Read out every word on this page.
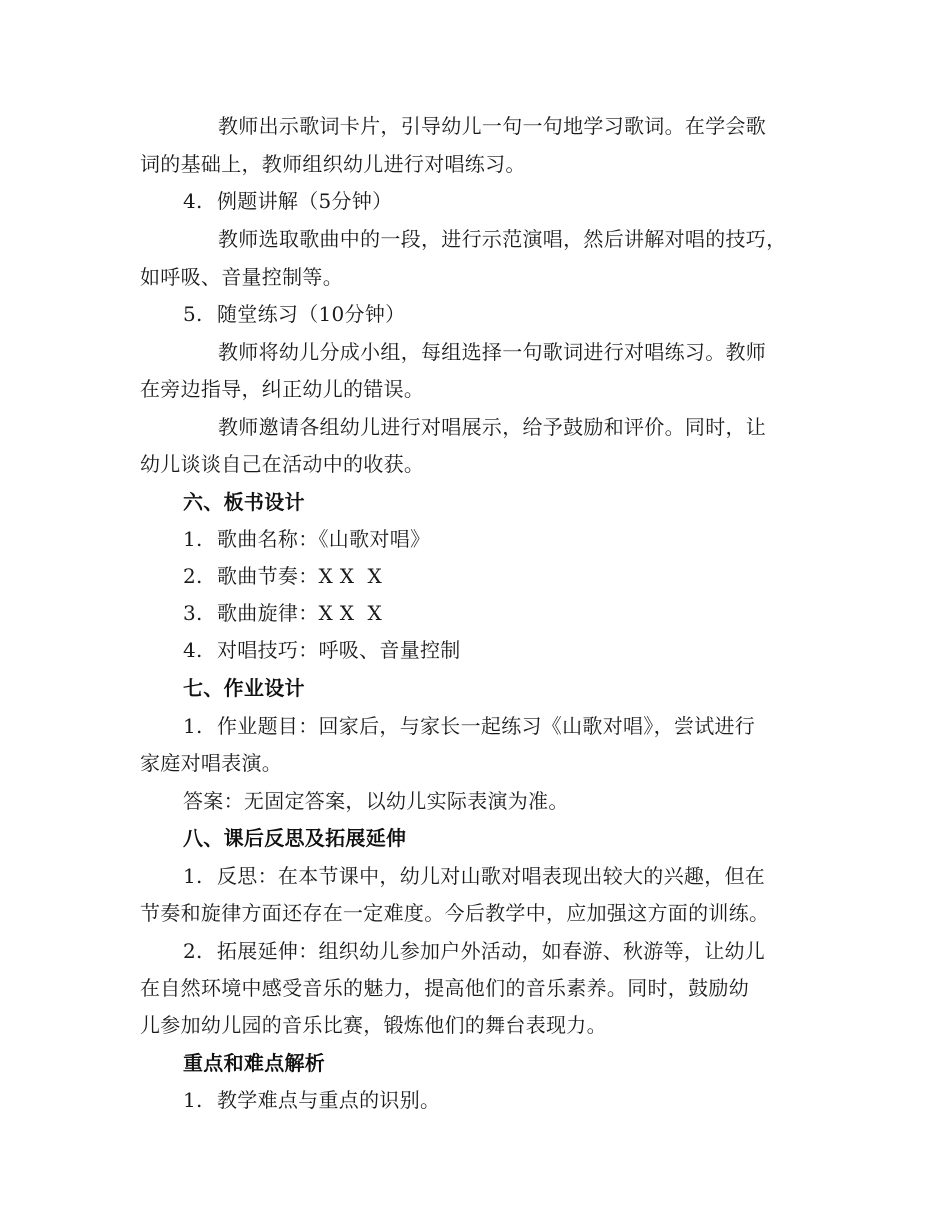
教师出示歌词卡片，引导幼儿一句一句地学习歌词。在学会歌
词的基础上，教师组织幼儿进行对唱练习。
4. 例题讲解（5分钟）
教师选取歌曲中的一段，进行示范演唱，然后讲解对唱的技巧，
如呼吸、音量控制等。
5. 随堂练习（10分钟）
教师将幼儿分成小组，每组选择一句歌词进行对唱练习。教师
在旁边指导，纠正幼儿的错误。
教师邀请各组幼儿进行对唱展示，给予鼓励和评价。同时，让
幼儿谈谈自己在活动中的收获。
六、板书设计
1. 歌曲名称：《山歌对唱》
2. 歌曲节奏：X X  X
3. 歌曲旋律：X X  X
4. 对唱技巧：呼吸、音量控制
七、作业设计
1. 作业题目：回家后，与家长一起练习《山歌对唱》，尝试进行
家庭对唱表演。
答案：无固定答案，以幼儿实际表演为准。
八、课后反思及拓展延伸
1. 反思：在本节课中，幼儿对山歌对唱表现出较大的兴趣，但在
节奏和旋律方面还存在一定难度。今后教学中，应加强这方面的训练。
2. 拓展延伸：组织幼儿参加户外活动，如春游、秋游等，让幼儿
在自然环境中感受音乐的魅力，提高他们的音乐素养。同时，鼓励幼
儿参加幼儿园的音乐比赛，锻炼他们的舞台表现力。
重点和难点解析
1. 教学难点与重点的识别。
